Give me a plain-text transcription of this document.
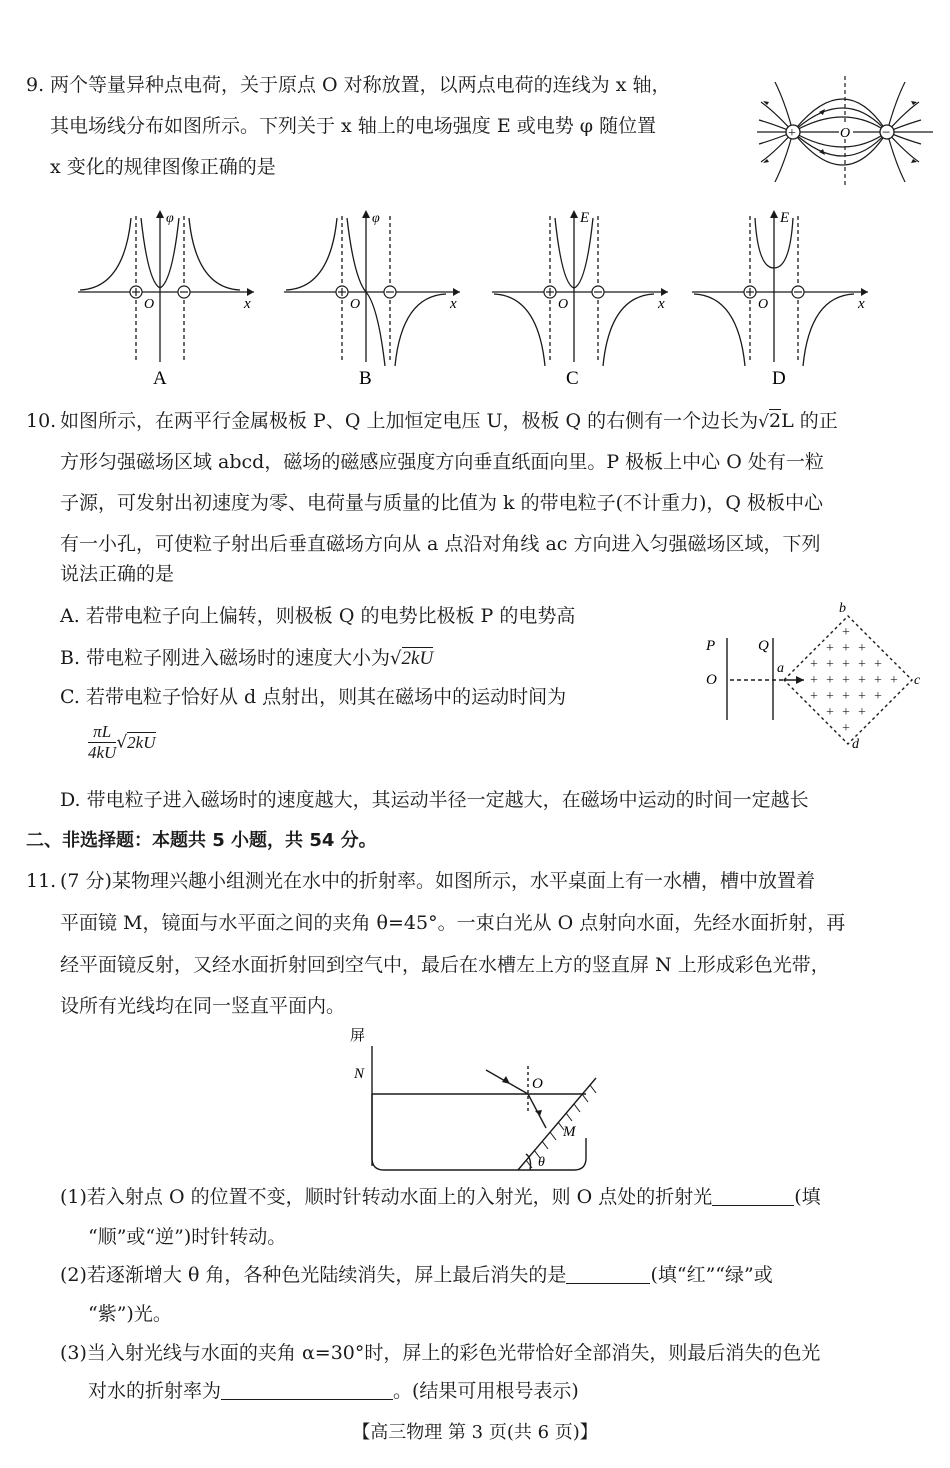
9. 两个等量异种点电荷，关于原点 O 对称放置，以两点电荷的连线为 x 轴，
其电场线分布如图所示。下列关于 x 轴上的电场强度 E 或电势 φ 随位置
x 变化的规律图像正确的是
+	−
O
φ
x
O
φ
x
O
E
x
O
E
x
O
A	B	C	D
10. 如图所示，在两平行金属极板 P、Q 上加恒定电压 U，极板 Q 的右侧有一个边长为√2L 的正
方形匀强磁场区域 abcd，磁场的磁感应强度方向垂直纸面向里。P 极板上中心 O 处有一粒
子源，可发射出初速度为零、电荷量与质量的比值为 k 的带电粒子(不计重力)，Q 极板中心
有一小孔，可使粒子射出后垂直磁场方向从 a 点沿对角线 ac 方向进入匀强磁场区域，下列
说法正确的是
A. 若带电粒子向上偏转，则极板 Q 的电势比极板 P 的电势高
B. 带电粒子刚进入磁场时的速度大小为√2kU
C. 若带电粒子恰好从 d 点射出，则其在磁场中的运动时间为
$\frac{\pi L}{4kU} √2kU$
D. 带电粒子进入磁场时的速度越大，其运动半径一定越大，在磁场中运动的时间一定越长
+
+ + +
+ + + + +
+ + + + + +
+ + + + +
+ + +
+
P	Q
O
a
b
c
d
二、非选择题：本题共 5 小题，共 54 分。
11. (7 分)某物理兴趣小组测光在水中的折射率。如图所示，水平桌面上有一水槽，槽中放置着
平面镜 M，镜面与水平面之间的夹角 θ=45°。一束白光从 O 点射向水面，先经水面折射，再
经平面镜反射，又经水面折射回到空气中，最后在水槽左上方的竖直屏 N 上形成彩色光带，
设所有光线均在同一竖直平面内。
屏
N
O
M
θ
(1)若入射点 O 的位置不变，顺时针转动水面上的入射光，则 O 点处的折射光	(填
“顺”或“逆”)时针转动。
(2)若逐渐增大 θ 角，各种色光陆续消失，屏上最后消失的是	(填“红”“绿”或
“紫”)光。
(3)当入射光线与水面的夹角 α=30°时，屏上的彩色光带恰好全部消失，则最后消失的色光
对水的折射率为	。(结果可用根号表示)
【高三物理 第 3 页(共 6 页)】
